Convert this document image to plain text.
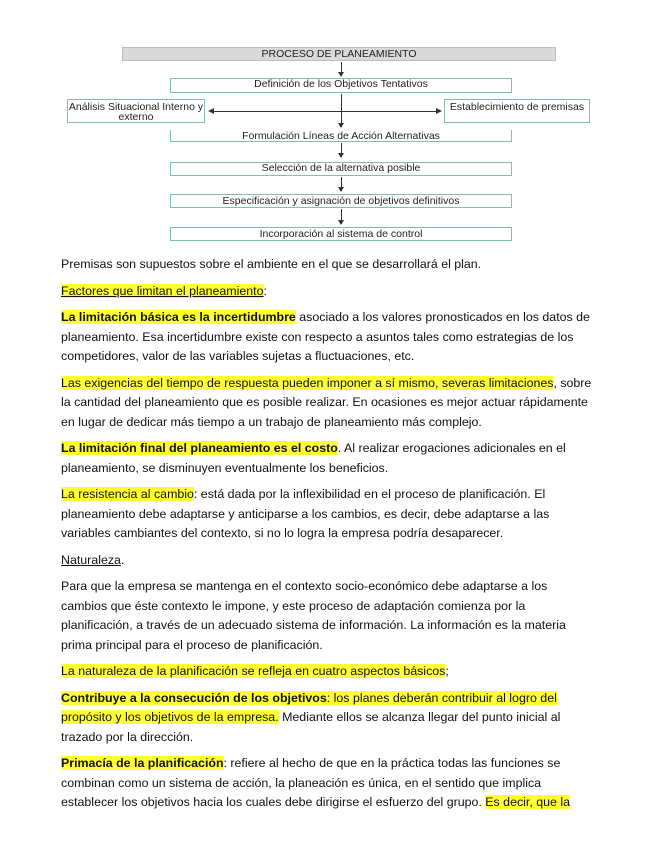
PROCESO DE PLANEAMIENTO
Definición de los Objetivos Tentativos
Análisis Situacional Interno y externo
Establecimiento de premisas
Formulación Líneas de Acción Alternativas
Selección de la alternativa posible
Especificación y asignación de objetivos definitivos
Incorporación al sistema de control

Premisas son supuestos sobre el ambiente en el que se desarrollará el plan.

Factores que limitan el planeamiento:

La limitación básica es la incertidumbre asociado a los valores pronosticados en los datos de planeamiento. Esa incertidumbre existe con respecto a asuntos tales como estrategias de los competidores, valor de las variables sujetas a fluctuaciones, etc.

Las exigencias del tiempo de respuesta pueden imponer a sí mismo, severas limitaciones, sobre la cantidad del planeamiento que es posible realizar. En ocasiones es mejor actuar rápidamente en lugar de dedicar más tiempo a un trabajo de planeamiento más complejo.

La limitación final del planeamiento es el costo. Al realizar erogaciones adicionales en el planeamiento, se disminuyen eventualmente los beneficios.

La resistencia al cambio: está dada por la inflexibilidad en el proceso de planificación. El planeamiento debe adaptarse y anticiparse a los cambios, es decir, debe adaptarse a las variables cambiantes del contexto, si no lo logra la empresa podría desaparecer.

Naturaleza.

Para que la empresa se mantenga en el contexto socio-económico debe adaptarse a los cambios que éste contexto le impone, y este proceso de adaptación comienza por la planificación, a través de un adecuado sistema de información. La información es la materia prima principal para el proceso de planificación.

La naturaleza de la planificación se refleja en cuatro aspectos básicos;

Contribuye a la consecución de los objetivos: los planes deberán contribuir al logro del propósito y los objetivos de la empresa. Mediante ellos se alcanza llegar del punto inicial al trazado por la dirección.

Primacía de la planificación: refiere al hecho de que en la práctica todas las funciones se combinan como un sistema de acción, la planeación es única, en el sentido que implica establecer los objetivos hacia los cuales debe dirigirse el esfuerzo del grupo. Es decir, que la
